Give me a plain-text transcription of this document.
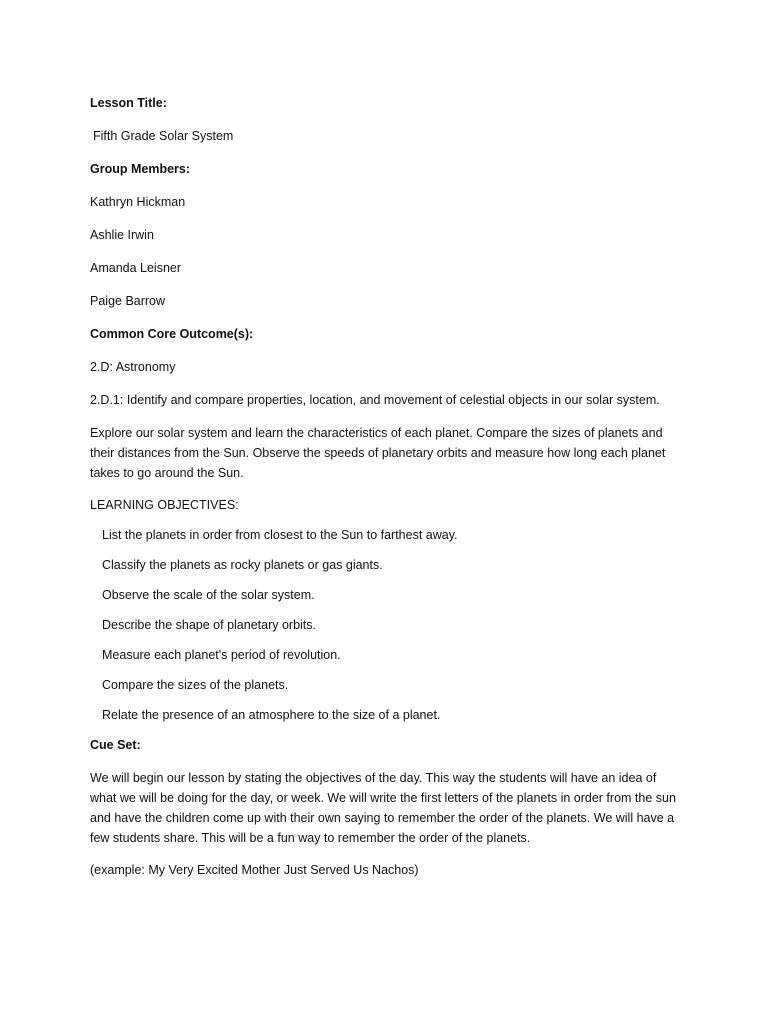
Lesson Title:
Fifth Grade Solar System
Group Members:
Kathryn Hickman
Ashlie Irwin
Amanda Leisner
Paige Barrow
Common Core Outcome(s):
2.D: Astronomy
2.D.1: Identify and compare properties, location, and movement of celestial objects in our solar system.

Explore our solar system and learn the characteristics of each planet. Compare the sizes of planets and their distances from the Sun. Observe the speeds of planetary orbits and measure how long each planet takes to go around the Sun.

LEARNING OBJECTIVES:
List the planets in order from closest to the Sun to farthest away.
Classify the planets as rocky planets or gas giants.
Observe the scale of the solar system.
Describe the shape of planetary orbits.
Measure each planet's period of revolution.
Compare the sizes of the planets.
Relate the presence of an atmosphere to the size of a planet.
Cue Set:

We will begin our lesson by stating the objectives of the day. This way the students will have an idea of what we will be doing for the day, or week. We will write the first letters of the planets in order from the sun and have the children come up with their own saying to remember the order of the planets. We will have a few students share. This will be a fun way to remember the order of the planets.

(example: My Very Excited Mother Just Served Us Nachos)
